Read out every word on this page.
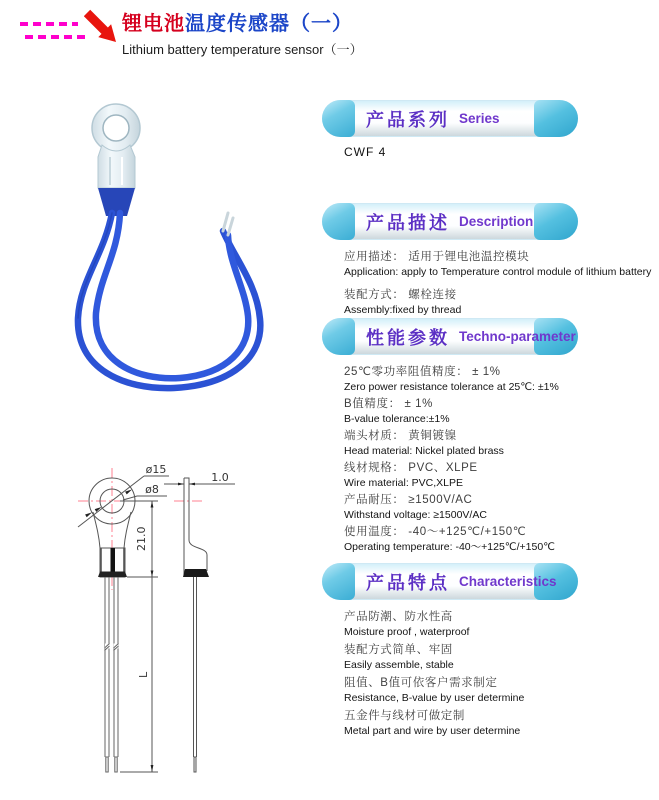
锂电池温度传感器（一）
Lithium battery temperature sensor（一）
ø15
ø8
1.0
21.0
L
产品系列 Series
CWF 4
产品描述 Description
应用描述： 适用于锂电池温控模块
Application: apply to Temperature control module of lithium battery
装配方式： 螺栓连接
Assembly:fixed by thread
性能参数 Techno-parameter
25℃零功率阻值精度： ± 1%
Zero power resistance tolerance at 25℃: ±1%
B值精度： ± 1%
B-value tolerance:±1%
端头材质： 黄铜镀镍
Head material: Nickel plated brass
线材规格： PVC、XLPE
Wire material: PVC,XLPE
产品耐压： ≥1500V/AC
Withstand voltage: ≥1500V/AC
使用温度： -40～+125℃/+150℃
Operating temperature: -40～+125℃/+150℃
产品特点 Characteristics
产品防潮、防水性高
Moisture proof , waterproof
装配方式简单、牢固
Easily assemble, stable
阻值、B值可依客户需求制定
Resistance, B-value by user determine
五金件与线材可做定制
Metal part and wire by user determine
